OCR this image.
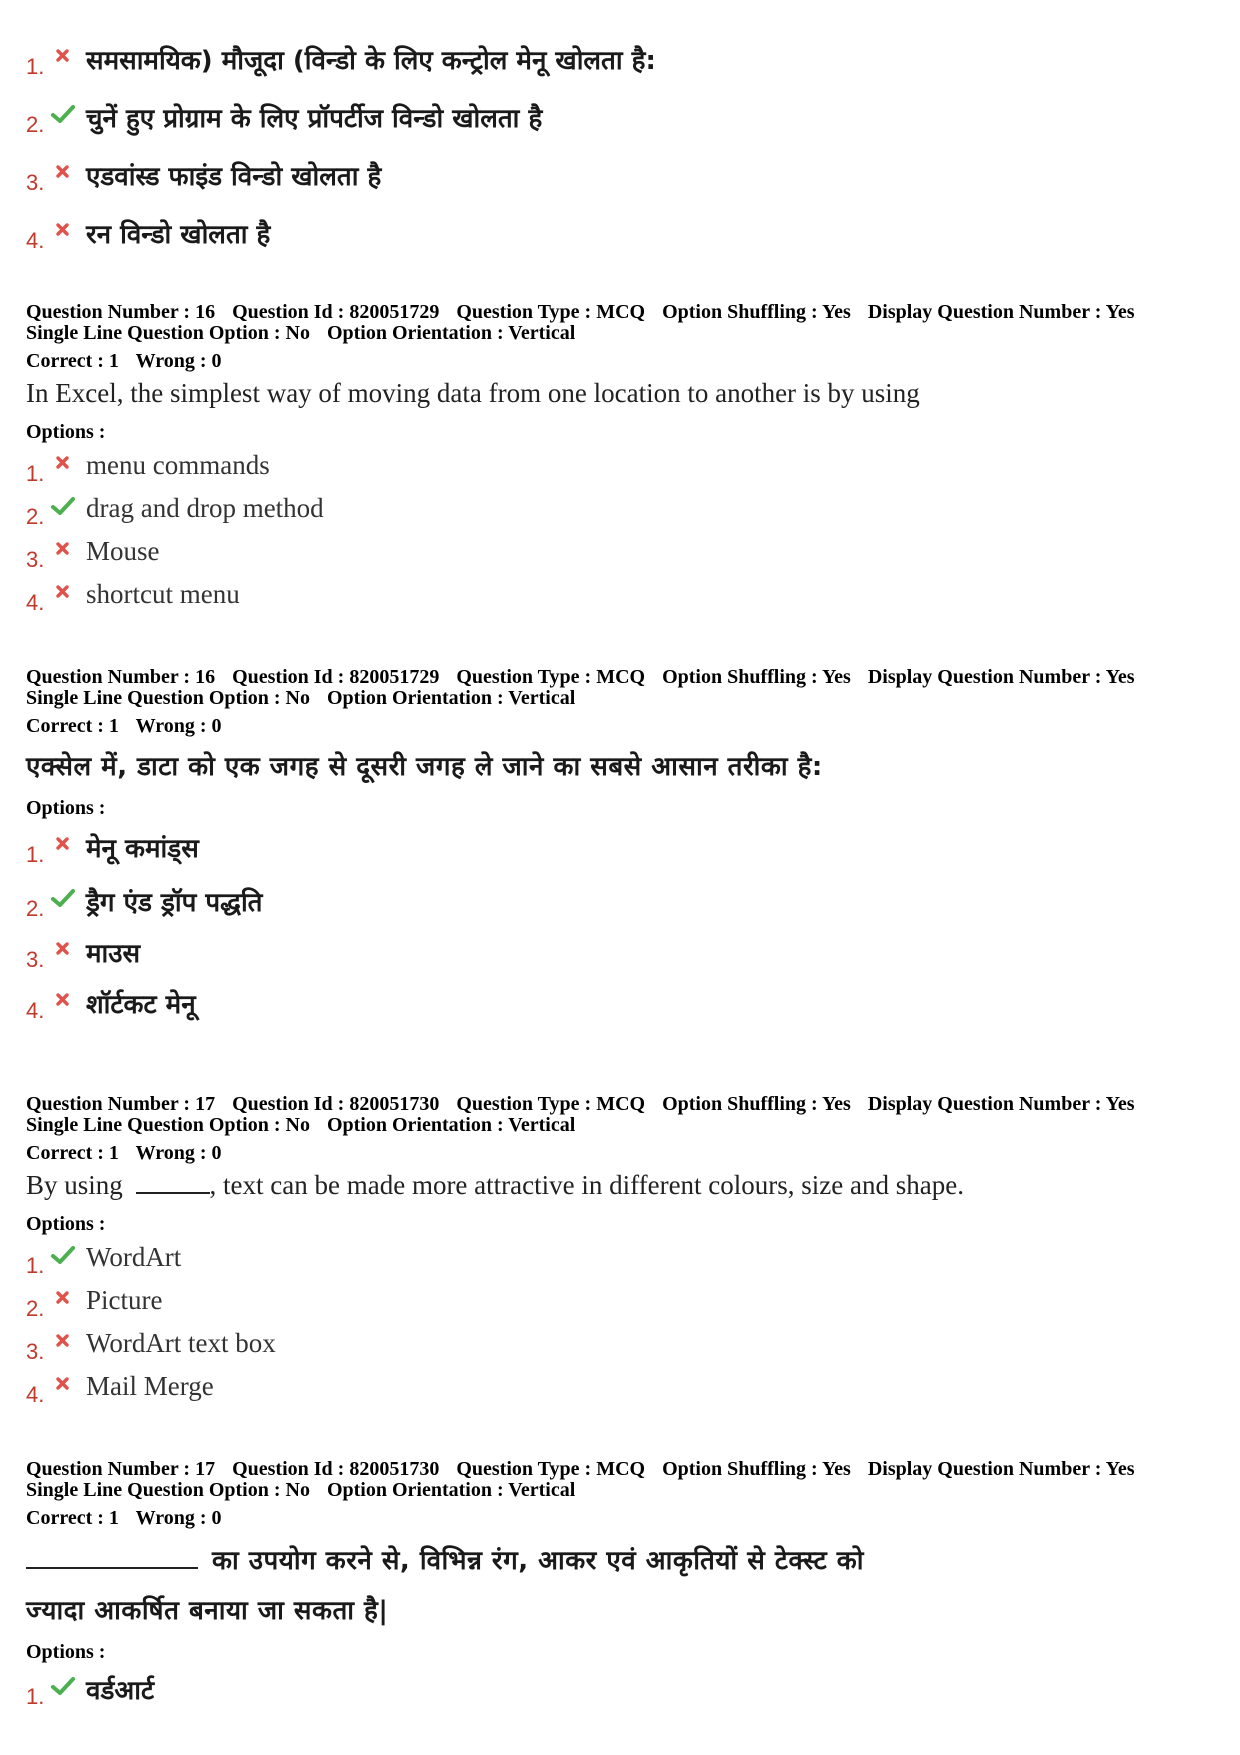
1. समसामयिक) मौजूदा (विन्डो के लिए कन्ट्रोल मेनू खोलता है:
2. चुनें हुए प्रोग्राम के लिए प्रॉपर्टीज विन्डो खोलता है
3. एडवांस्ड फाइंड विन्डो खोलता है
4. रन विन्डो खोलता है
Question Number : 16 Question Id : 820051729 Question Type : MCQ Option Shuffling : Yes Display Question Number : Yes
Single Line Question Option : No Option Orientation : Vertical
Correct : 1 Wrong : 0
In Excel, the simplest way of moving data from one location to another is by using
Options :
1. menu commands
2. drag and drop method
3. Mouse
4. shortcut menu
Question Number : 16 Question Id : 820051729 Question Type : MCQ Option Shuffling : Yes Display Question Number : Yes
Single Line Question Option : No Option Orientation : Vertical
Correct : 1 Wrong : 0
एक्सेल में, डाटा को एक जगह से दूसरी जगह ले जाने का सबसे आसान तरीका है:
Options :
1. मेनू कमांड्स
2. ड्रैग एंड ड्रॉप पद्धति
3. माउस
4. शॉर्टकट मेनू
Question Number : 17 Question Id : 820051730 Question Type : MCQ Option Shuffling : Yes Display Question Number : Yes
Single Line Question Option : No Option Orientation : Vertical
Correct : 1 Wrong : 0
By using	, text can be made more attractive in different colours, size and shape.
Options :
1. WordArt
2. Picture
3. WordArt text box
4. Mail Merge
Question Number : 17 Question Id : 820051730 Question Type : MCQ Option Shuffling : Yes Display Question Number : Yes
Single Line Question Option : No Option Orientation : Vertical
Correct : 1 Wrong : 0
का उपयोग करने से, विभिन्न रंग, आकर एवं आकृतियों से टेक्स्ट को
ज्यादा आकर्षित बनाया जा सकता है|
Options :
1. वर्डआर्ट
